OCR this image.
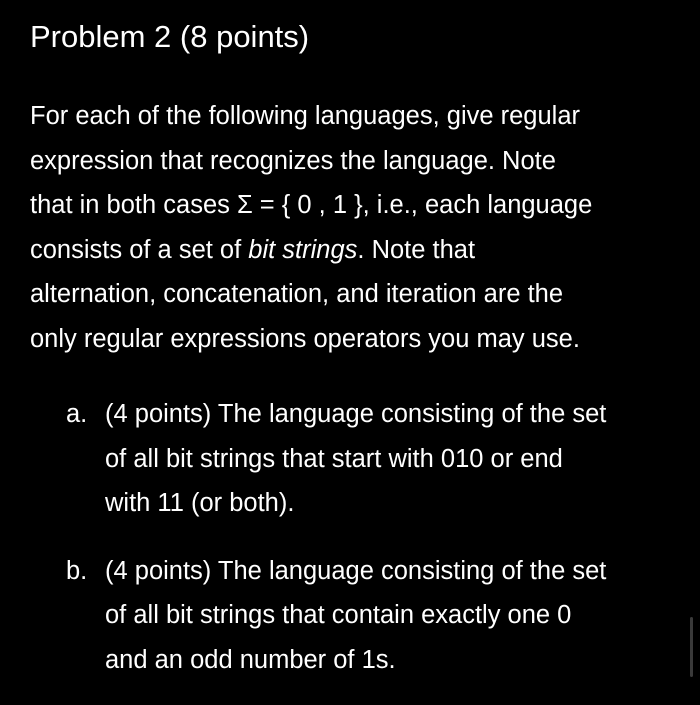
Problem 2 (8 points)
For each of the following languages, give regular
expression that recognizes the language. Note
that in both cases Σ = { 0 , 1 }, i.e., each language
consists of a set of bit strings. Note that
alternation, concatenation, and iteration are the
only regular expressions operators you may use.
a. (4 points) The language consisting of the set
of all bit strings that start with 010 or end
with 11 (or both).
b. (4 points) The language consisting of the set
of all bit strings that contain exactly one 0
and an odd number of 1s.
